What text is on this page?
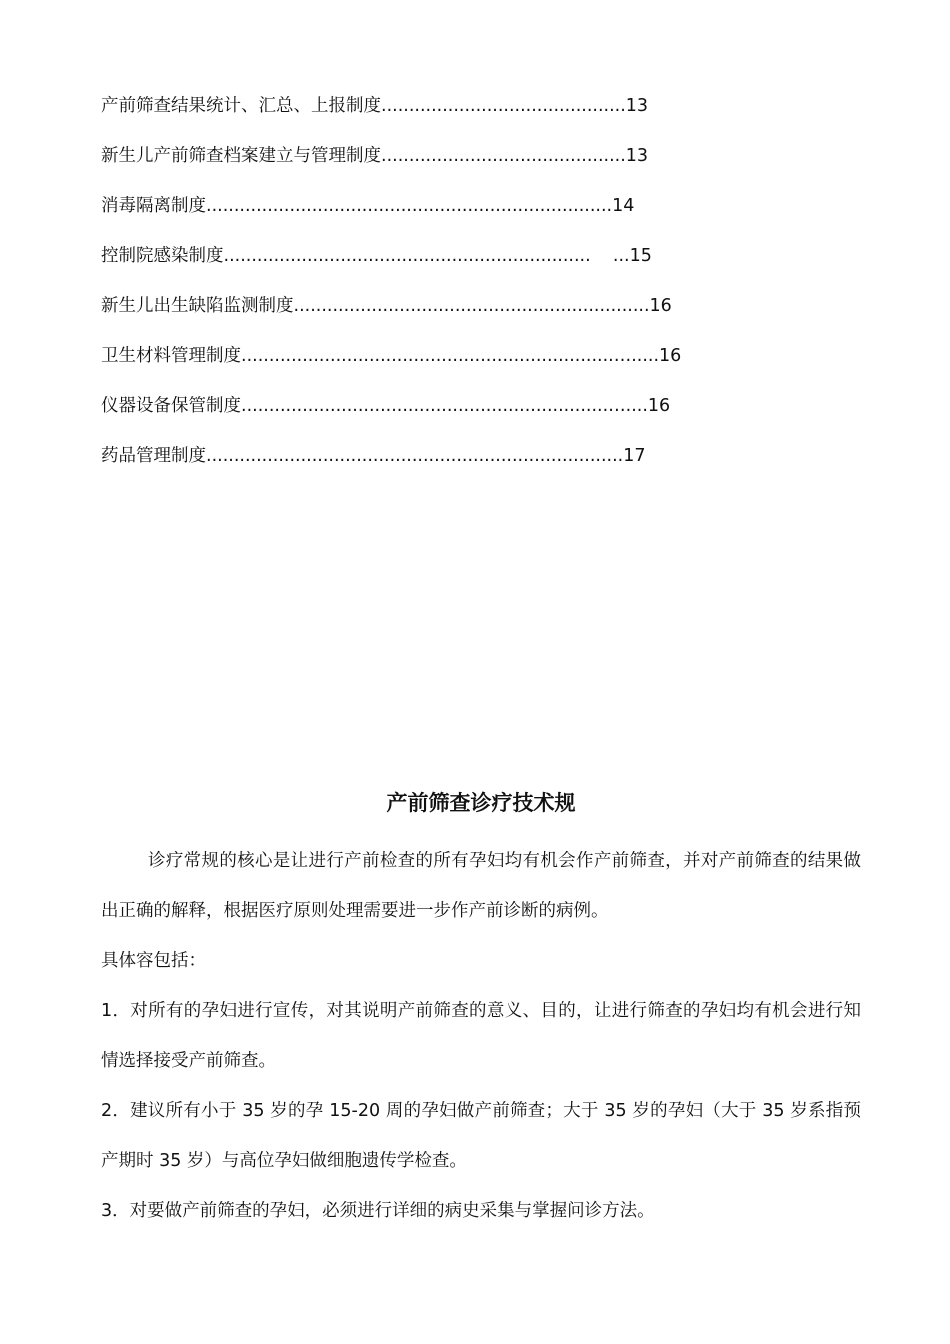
产前筛查结果统计、汇总、上报制度............................................13
新生儿产前筛查档案建立与管理制度............................................13
消毒隔离制度.........................................................................14
控制院感染制度..................................................................    ...15
新生儿出生缺陷监测制度................................................................16
卫生材料管理制度...................................................................….....16
仪器设备保管制度..................................................................…....16
药品管理制度...........................................................................17
产前筛查诊疗技术规

诊疗常规的核心是让进行产前检查的所有孕妇均有机会作产前筛查，并对产前筛查的结果做出正确的解释，根据医疗原则处理需要进一步作产前诊断的病例。

具体容包括：

1．对所有的孕妇进行宣传，对其说明产前筛查的意义、目的，让进行筛查的孕妇均有机会进行知情选择接受产前筛查。

2．建议所有小于 35 岁的孕 15-20 周的孕妇做产前筛查；大于 35 岁的孕妇（大于 35 岁系指预产期时 35 岁）与高位孕妇做细胞遗传学检查。

3．对要做产前筛查的孕妇，必须进行详细的病史采集与掌握问诊方法。
